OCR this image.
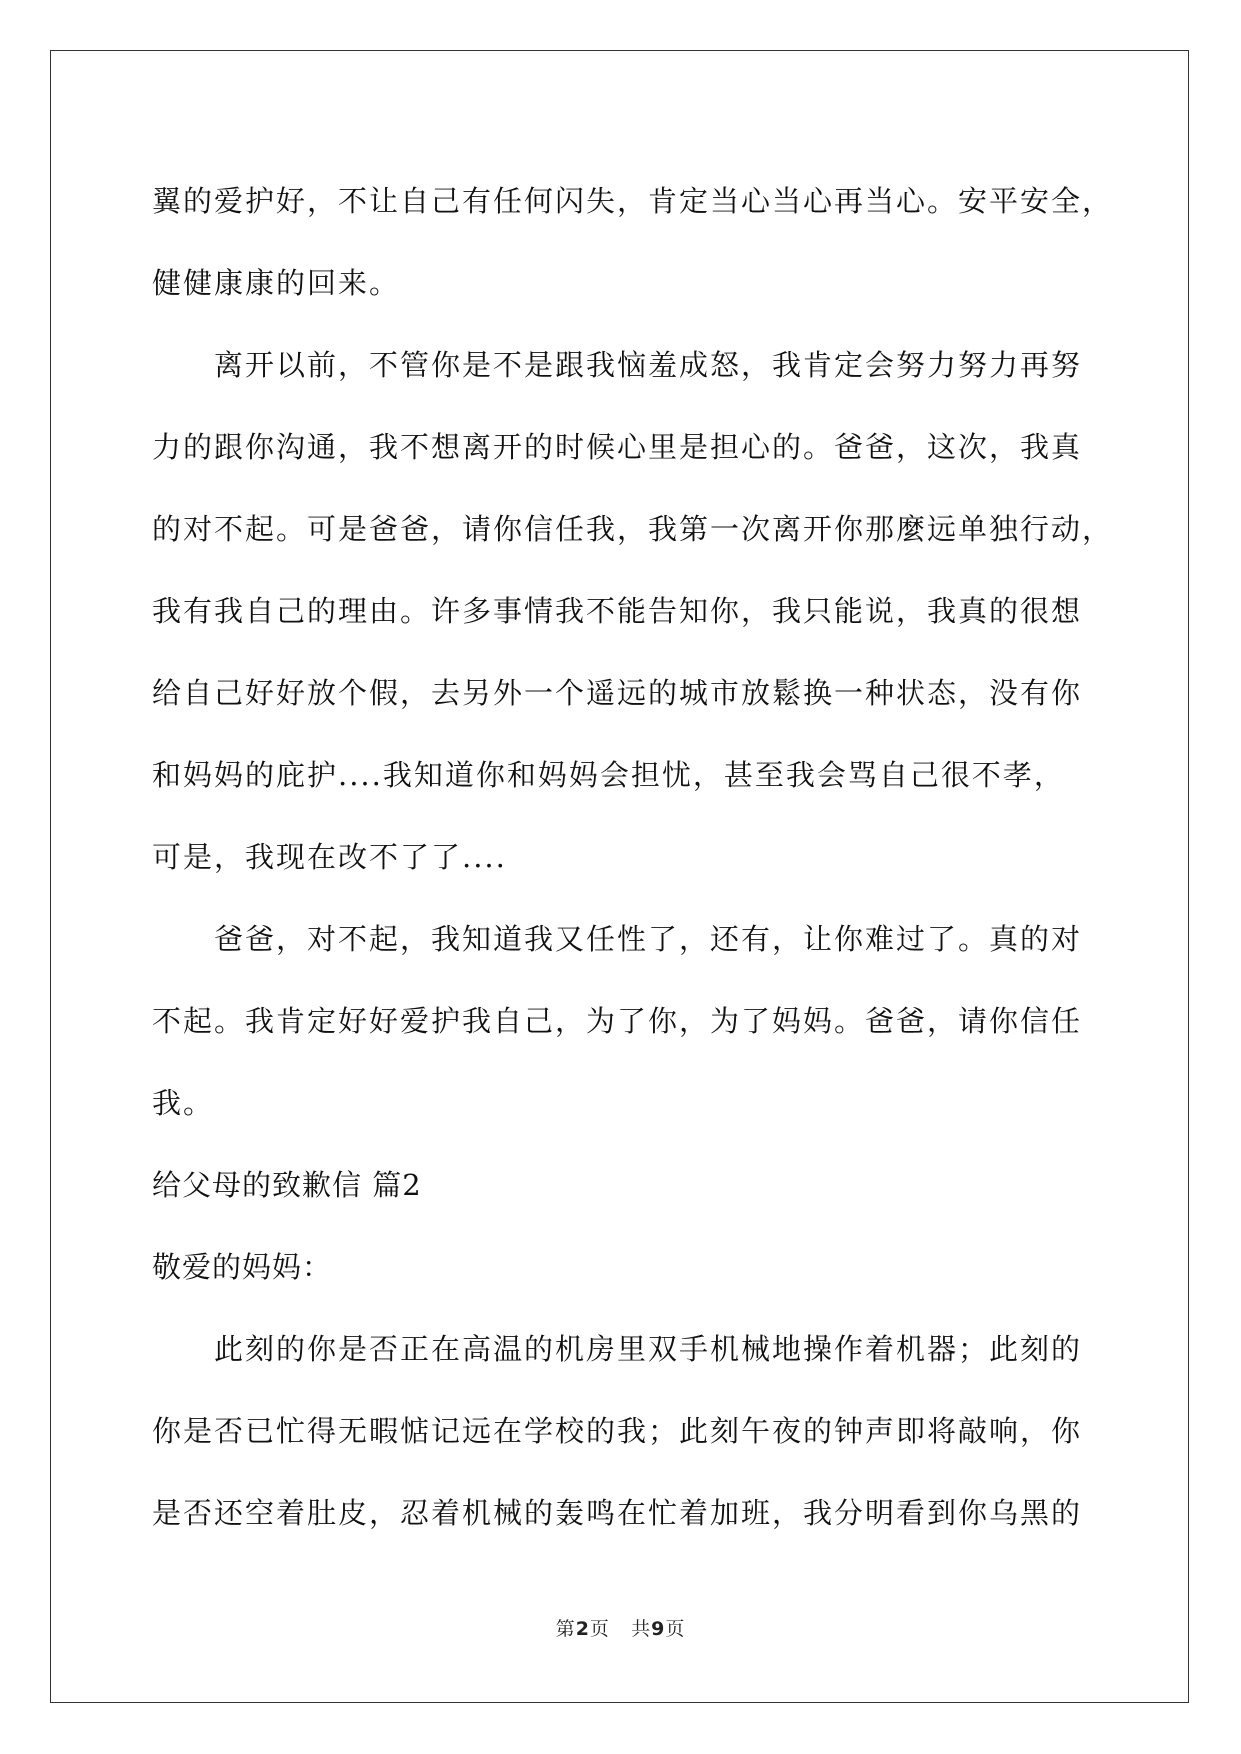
翼的爱护好，不让自己有任何闪失，肯定当心当心再当心。安平安全，
健健康康的回来。
离开以前，不管你是不是跟我恼羞成怒，我肯定会努力努力再努
力的跟你沟通，我不想离开的时候心里是担心的。爸爸，这次，我真
的对不起。可是爸爸，请你信任我，我第一次离开你那麼远单独行动，
我有我自己的理由。许多事情我不能告知你，我只能说，我真的很想
给自己好好放个假，去另外一个遥远的城市放鬆换一种状态，没有你
和妈妈的庇护....我知道你和妈妈会担忧，甚至我会骂自己很不孝，
可是，我现在改不了了....
爸爸，对不起，我知道我又任性了，还有，让你难过了。真的对
不起。我肯定好好爱护我自己，为了你，为了妈妈。爸爸，请你信任
我。
给父母的致歉信 篇2
敬爱的妈妈：
此刻的你是否正在高温的机房里双手机械地操作着机器；此刻的
你是否已忙得无暇惦记远在学校的我；此刻午夜的钟声即将敲响，你
是否还空着肚皮，忍着机械的轰鸣在忙着加班，我分明看到你乌黑的
第2页 共9页
